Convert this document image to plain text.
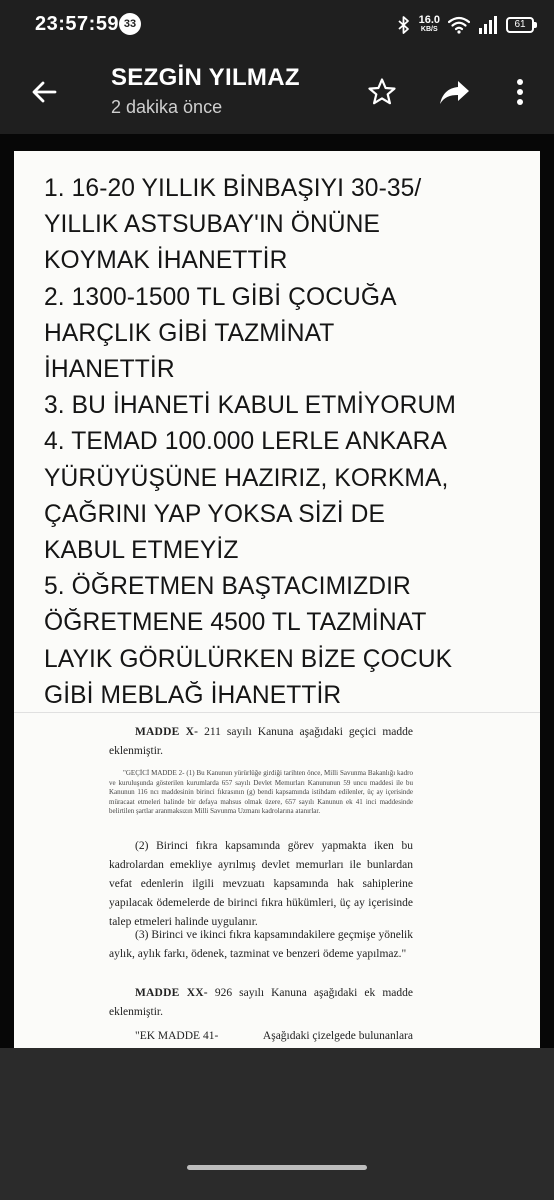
23:57:59 33	16.0
KB/S	61
SEZGİN YILMAZ
2 dakika önce
1. 16-20 YILLIK BİNBAŞIYI 30-35/
YILLIK ASTSUBAY'IN ÖNÜNE
KOYMAK İHANETTİR
2. 1300-1500 TL GİBİ ÇOCUĞA
HARÇLIK GİBİ TAZMİNAT
İHANETTİR
3. BU İHANETİ KABUL ETMİYORUM
4. TEMAD 100.000 LERLE ANKARA
YÜRÜYÜŞÜNE HAZIRIZ, KORKMA,
ÇAĞRINI YAP YOKSA SİZİ DE
KABUL ETMEYİZ
5. ÖĞRETMEN BAŞTACIMIZDIR
ÖĞRETMENE 4500 TL TAZMİNAT
LAYIK GÖRÜLÜRKEN BİZE ÇOCUK
GİBİ MEBLAĞ İHANETTİR

MADDE X- 211 sayılı Kanuna aşağıdaki geçici madde eklenmiştir.

"GEÇİCİ MADDE 2- (1) Bu Kanunun yürürlüğe girdiği tarihten önce, Milli Savunma Bakanlığı kadro ve kuruluşunda gösterilen kurumlarda 657 sayılı Devlet Memurları Kanununun 59 uncu maddesi ile bu Kanunun 116 ncı maddesinin birinci fıkrasının (g) bendi kapsamında istihdam edilenler, üç ay içerisinde müracaat etmeleri halinde bir defaya mahsus olmak üzere, 657 sayılı Kanunun ek 41 inci maddesinde belirtilen şartlar aranmaksızın Milli Savunma Uzmanı kadrolarına atanırlar.

(2) Birinci fıkra kapsamında görev yapmakta iken bu kadrolardan emekliye ayrılmış devlet memurları ile bunlardan vefat edenlerin ilgili mevzuatı kapsamında hak sahiplerine yapılacak ödemelerde de birinci fıkra hükümleri, üç ay içerisinde talep etmeleri halinde uygulanır.

(3) Birinci ve ikinci fıkra kapsamındakilere geçmişe yönelik aylık, aylık farkı, ödenek, tazminat ve benzeri ödeme yapılmaz."

MADDE XX- 926 sayılı Kanuna aşağıdaki ek madde eklenmiştir.

"EK MADDE 41-	Aşağıdaki çizelgede bulunanlara
